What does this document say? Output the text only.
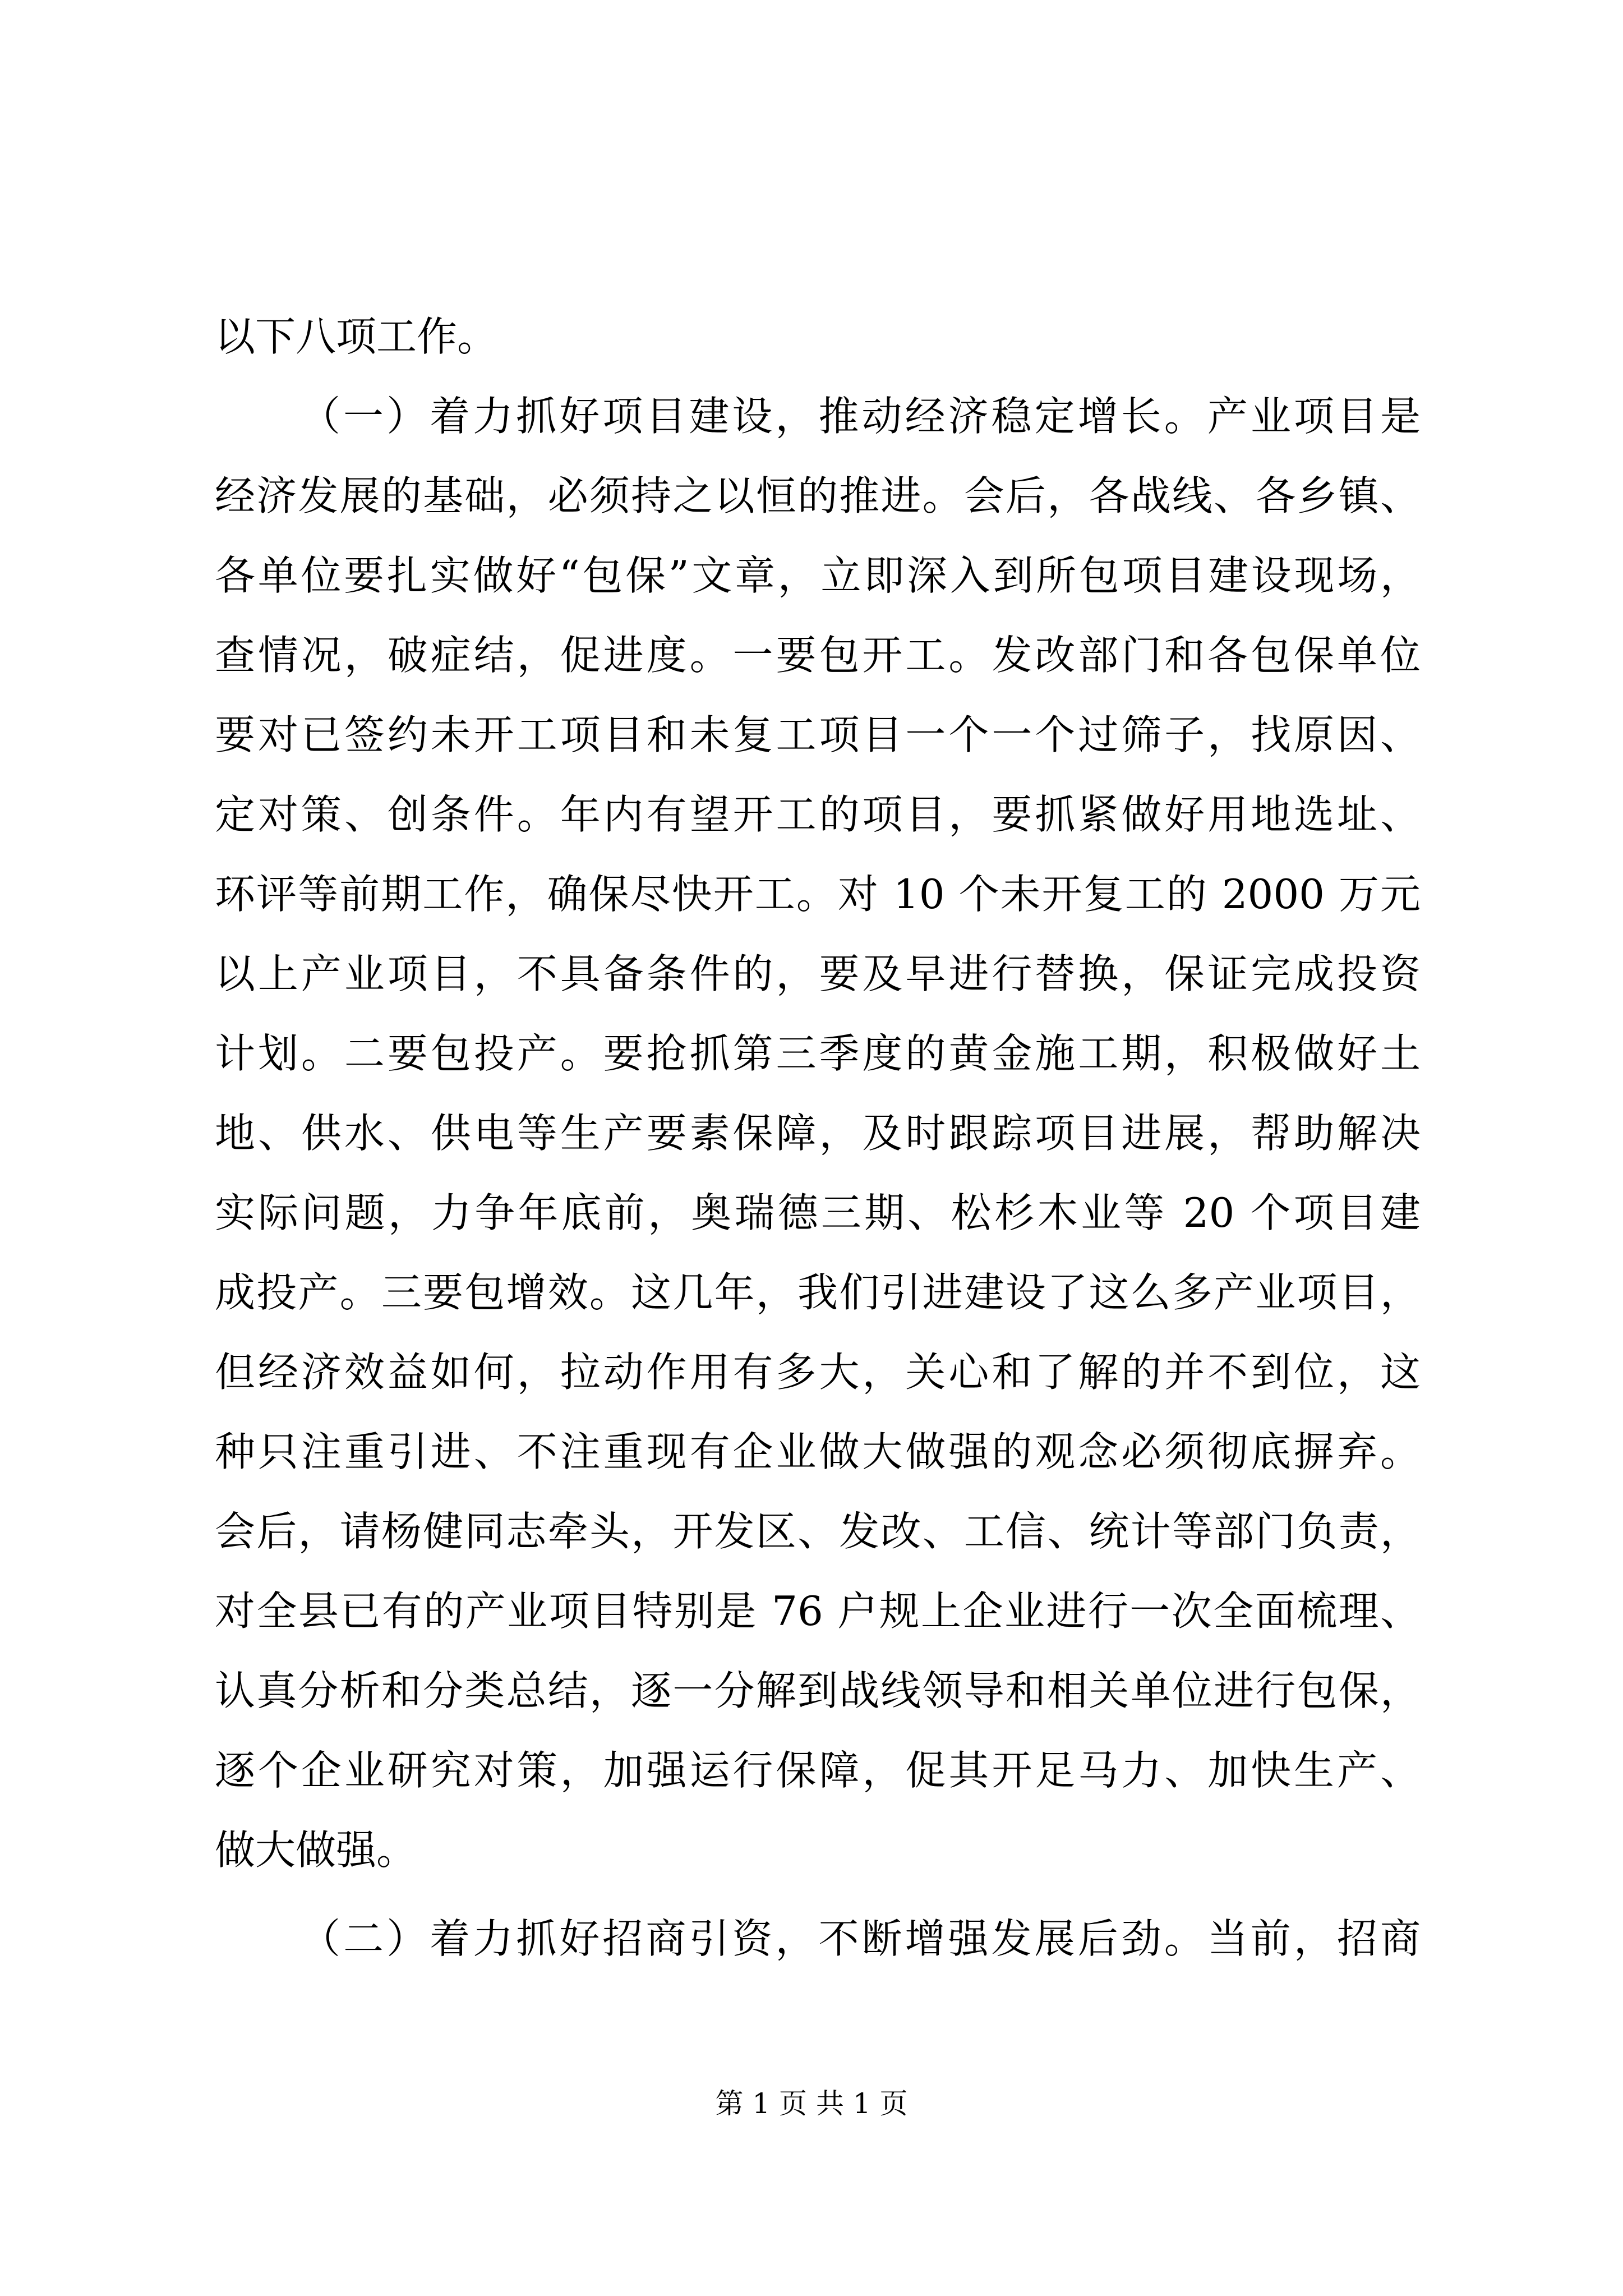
以下八项工作。
（一）着力抓好项目建设，推动经济稳定增长。产业项目是
经济发展的基础，必须持之以恒的推进。会后，各战线、各乡镇、
各单位要扎实做好“包保”文章，立即深入到所包项目建设现场，
查情况，破症结，促进度。一要包开工。发改部门和各包保单位
要对已签约未开工项目和未复工项目一个一个过筛子，找原因、
定对策、创条件。年内有望开工的项目，要抓紧做好用地选址、
环评等前期工作，确保尽快开工。对 10 个未开复工的 2000 万元
以上产业项目，不具备条件的，要及早进行替换，保证完成投资
计划。二要包投产。要抢抓第三季度的黄金施工期，积极做好土
地、供水、供电等生产要素保障，及时跟踪项目进展，帮助解决
实际问题，力争年底前，奥瑞德三期、松杉木业等 20 个项目建
成投产。三要包增效。这几年，我们引进建设了这么多产业项目，
但经济效益如何，拉动作用有多大，关心和了解的并不到位，这
种只注重引进、不注重现有企业做大做强的观念必须彻底摒弃。
会后，请杨健同志牵头，开发区、发改、工信、统计等部门负责，
对全县已有的产业项目特别是 76 户规上企业进行一次全面梳理、
认真分析和分类总结，逐一分解到战线领导和相关单位进行包保，
逐个企业研究对策，加强运行保障，促其开足马力、加快生产、
做大做强。
（二）着力抓好招商引资，不断增强发展后劲。当前，招商
第 1 页 共 1 页
